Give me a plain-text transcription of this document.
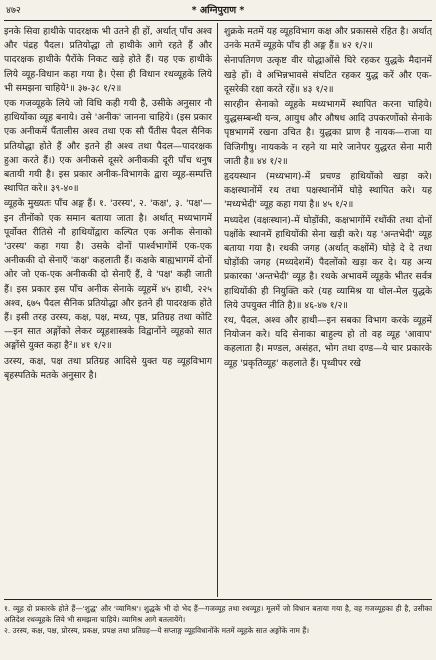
४७२	* अग्निपुराण *

इनके सिवा हाथीके पादरक्षक भी उतने ही हों, अर्थात् पाँच अश्व और पंद्रह पैदल। प्रतियोद्धा तो हाथीके आगे रहते हैं और पादरक्षक हाथीके पैरोंके निकट खड़े होते हैं। यह एक हाथीके लिये व्यूह-विधान कहा गया है। ऐसा ही विधान रथव्यूहके लिये भी समझना चाहिये¹॥ ३७-३८ १/२॥

एक गजव्यूहके लिये जो विधि कही गयी है, उसीके अनुसार नौ हाथियोंका व्यूह बनाये। उसे 'अनीक' जानना चाहिये। (इस प्रकार एक अनीकमें पैंतालीस अश्व तथा एक सौ पैंतीस पैदल सैनिक प्रतियोद्धा होते हैं और इतने ही अश्व तथा पैदल—पादरक्षक हुआ करते हैं।) एक अनीकसे दूसरे अनीककी दूरी पाँच धनुष बतायी गयी है। इस प्रकार अनीक-विभागके द्वारा व्यूह-सम्पत्ति स्थापित करे॥ ३९-४०॥

व्यूहके मुख्यतः पाँच अङ्ग हैं। १. 'उरस्य', २. 'कक्ष', ३. 'पक्ष'—इन तीनोंको एक समान बताया जाता है। अर्थात् मध्यभागमें पूर्वोक्त रीतिसे नौ हाथियोंद्वारा कल्पित एक अनीक सेनाको 'उरस्य' कहा गया है। उसके दोनों पार्श्वभागोंमें एक-एक अनीककी दो सेनाएँ 'कक्ष' कहलाती हैं। कक्षके बाह्यभागमें दोनों ओर जो एक-एक अनीककी दो सेनाएँ हैं, वे 'पक्ष' कही जाती हैं। इस प्रकार इस पाँच अनीक सेनाके व्यूहमें ४५ हाथी, २२५ अश्व, ६७५ पैदल सैनिक प्रतियोद्धा और इतने ही पादरक्षक होते हैं। इसी तरह उरस्य, कक्ष, पक्ष, मध्य, पृष्ठ, प्रतिग्रह तथा कोटि—इन सात अङ्गोंको लेकर व्यूहशास्त्रके विद्वानोंने व्यूहको सात अङ्गोंसे युक्त कहा है²॥ ४१ १/२॥

उरस्य, कक्ष, पक्ष तथा प्रतिग्रह आदिसे युक्त यह व्यूहविभाग बृहस्पतिके मतके अनुसार है।

शुक्रके मतमें यह व्यूहविभाग कक्ष और प्रकाससे रहित है। अर्थात् उनके मतमें व्यूहके पाँच ही अङ्ग हैं॥ ४२ १/२॥

सेनापतिगण उत्कृष्ट वीर योद्धाओंसे घिरे रहकर युद्धके मैदानमें खड़े हों। वे अभिन्नभावसे संघटित रहकर युद्ध करें और एक-दूसरेकी रक्षा करते रहें॥ ४३ १/२॥

सारहीन सेनाको व्यूहके मध्यभागमें स्थापित करना चाहिये। युद्धसम्बन्धी यन्त्र, आयुध और औषध आदि उपकरणोंको सेनाके पृष्ठभागमें रखना उचित है। युद्धका प्राण है नायक—राजा या विजिगीषु। नायकके न रहने या मारे जानेपर युद्धरत सेना मारी जाती है॥ ४४ १/२॥

हृदयस्थान (मध्यभाग)-में प्रचण्ड हाथियोंको खड़ा करे। कक्षस्थानोंमें रथ तथा पक्षस्थानोंमें घोड़े स्थापित करे। यह 'मध्यभेदी' व्यूह कहा गया है॥ ४५ १/२॥

मध्यदेश (वक्षःस्थान)-में घोड़ोंकी, कक्षभागोंमें रथोंकी तथा दोनों पक्षोंके स्थानमें हाथियोंकी सेना खड़ी करे। यह 'अन्तभेदी' व्यूह बताया गया है। रथकी जगह (अर्थात् कक्षोंमें) घोड़े दे दे तथा घोड़ोंकी जगह (मध्यदेशमें) पैदलोंको खड़ा कर दे। यह अन्य प्रकारका 'अन्तभेदी' व्यूह है। रथके अभावमें व्यूहके भीतर सर्वत्र हाथियोंकी ही नियुक्ति करे (यह व्यामिश्र या धोल-मेल युद्धके लिये उपयुक्त नीति है)॥ ४६-४७ १/२॥

रथ, पैदल, अश्व और हाथी—इन सबका विभाग करके व्यूहमें नियोजन करे। यदि सेनाका बाहुल्य हो तो वह व्यूह 'आवाप' कहलाता है। मण्डल, असंहत, भोग तथा दण्ड—ये चार प्रकारके व्यूह 'प्रकृतिव्यूह' कहलाते हैं। पृथ्वीपर रखे

१. व्यूह दो प्रकारके होते हैं—'शुद्ध' और 'व्यामिश्र'। शुद्धके भी दो भेद हैं—गजव्यूह तथा रथव्यूह। मूलमें जो विधान बताया गया है, वह गजव्यूहका ही है, उसीका अतिदेश रथव्यूहके लिये भी समझना चाहिये। व्यामिश्र आगे बतलायेंगे।

२. उरस्य, कक्ष, पक्ष, प्रोरस्य, प्रकक्ष, प्रपक्ष तथा प्रतिग्रह—ये सप्ताङ्ग व्यूहविधानोंके मतमें व्यूहके सात अङ्गोंके नाम हैं।
